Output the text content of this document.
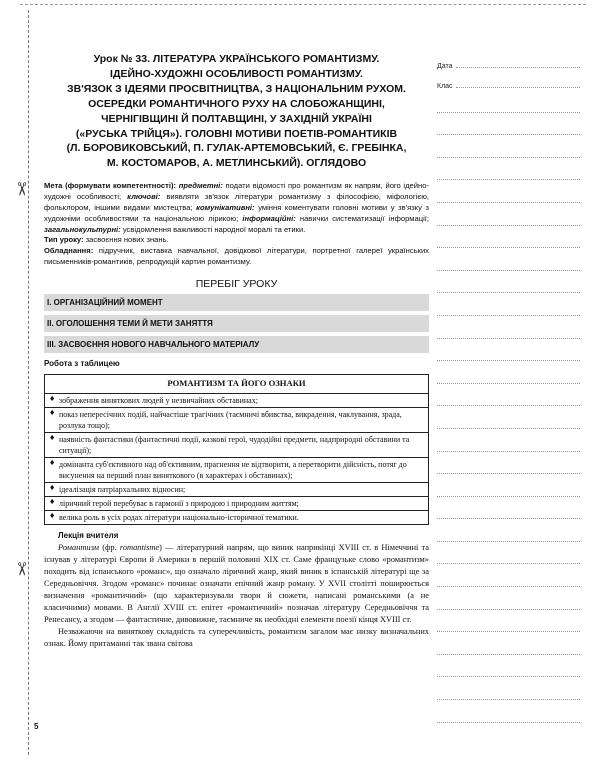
✂
✂
Дата
Клас
Урок № 33. ЛІТЕРАТУРА УКРАЇНСЬКОГО РОМАНТИЗМУ.
ІДЕЙНО-ХУДОЖНІ ОСОБЛИВОСТІ РОМАНТИЗМУ.
ЗВ'ЯЗОК З ІДЕЯМИ ПРОСВІТНИЦТВА, З НАЦІОНАЛЬНИМ РУХОМ.
ОСЕРЕДКИ РОМАНТИЧНОГО РУХУ НА СЛОБОЖАНЩИНІ,
ЧЕРНІГІВЩИНІ Й ПОЛТАВЩИНІ, У ЗАХІДНІЙ УКРАЇНІ
(«РУСЬКА ТРІЙЦЯ»). ГОЛОВНІ МОТИВИ ПОЕТІВ-РОМАНТИКІВ
(Л. БОРОВИКОВСЬКИЙ, П. ГУЛАК-АРТЕМОВСЬКИЙ, Є. ГРЕБІНКА,
М. КОСТОМАРОВ, А. МЕТЛИНСЬКИЙ). ОГЛЯДОВО

Мета (формувати компетентності): предметні: подати відомості про романтизм як напрям, його ідейно-художні особливості; ключові: виявляти зв'язок літератури романтизму з філософією, міфологією, фольклором, іншими видами мистецтва; комунікативні: уміння коментувати головні мотиви у зв'язку з художніми особливостями та національною лірикою; інформаційні: навички систематизації інформації; загальнокультурні: усвідомлення важливості народної моралі та етики.

Тип уроку: засвоєння нових знань.

Обладнання: підручник, виставка навчальної, довідкової літератури, портретної галереї українських письменників-романтиків, репродукцій картин романтизму.

ПЕРЕБІГ УРОКУ
I. ОРГАНІЗАЦІЙНИЙ МОМЕНТ
II. ОГОЛОШЕННЯ ТЕМИ Й МЕТИ ЗАНЯТТЯ
III. ЗАСВОЄННЯ НОВОГО НАВЧАЛЬНОГО МАТЕРІАЛУ
Робота з таблицею
РОМАНТИЗМ ТА ЙОГО ОЗНАКИ
♦ зображення виняткових людей у незвичайних обставинах;
♦ показ непересічних подій, найчастіше трагічних (таємничі вбивства, викрадення, чаклування, зрада, розлука тощо);
♦ наявність фантастики (фантастичні події, казкові герої, чудодійні предмети, надприродні обставини та ситуації);
♦ домінанта суб'єктивного над об'єктивним, прагнення не відтворити, а перетворити дійсність, потяг до висунення на перший план виняткового (в характерах і обставинах);
♦ ідеалізація патріархальних відносин;
♦ ліричний герой перебуває в гармонії з природою і природним життям;
♦ велика роль в усіх родах літератури національно-історичної тематики.
Лекція вчителя

Романтизм (фр. romantisme) — літературний напрям, що виник наприкінці XVIII ст. в Німеччині та існував у літературі Європи й Америки в першій половині XIX ст. Саме французьке слово «романтизм» походить від іспанського «романс», що означало ліричний жанр, який виник в іспанській літературі ще за Середньовіччя. Згодом «романс» починає означати епічний жанр роману. У XVII столітті поширюється визначення «романтичний» (що характеризували твори й сюжети, написані романськими (а не класичними) мовами. В Англії XVIII ст. епітет «романтичний» позначав літературу Середньовіччя та Ренесансу, а згодом — фантастичне, дивовижне, таємниче як необхідні елементи поезії кінця XVIII ст.

Незважаючи на виняткову складність та суперечливість, романтизм загалом має низку визначальних ознак. Йому притаманні так звана світова

5
